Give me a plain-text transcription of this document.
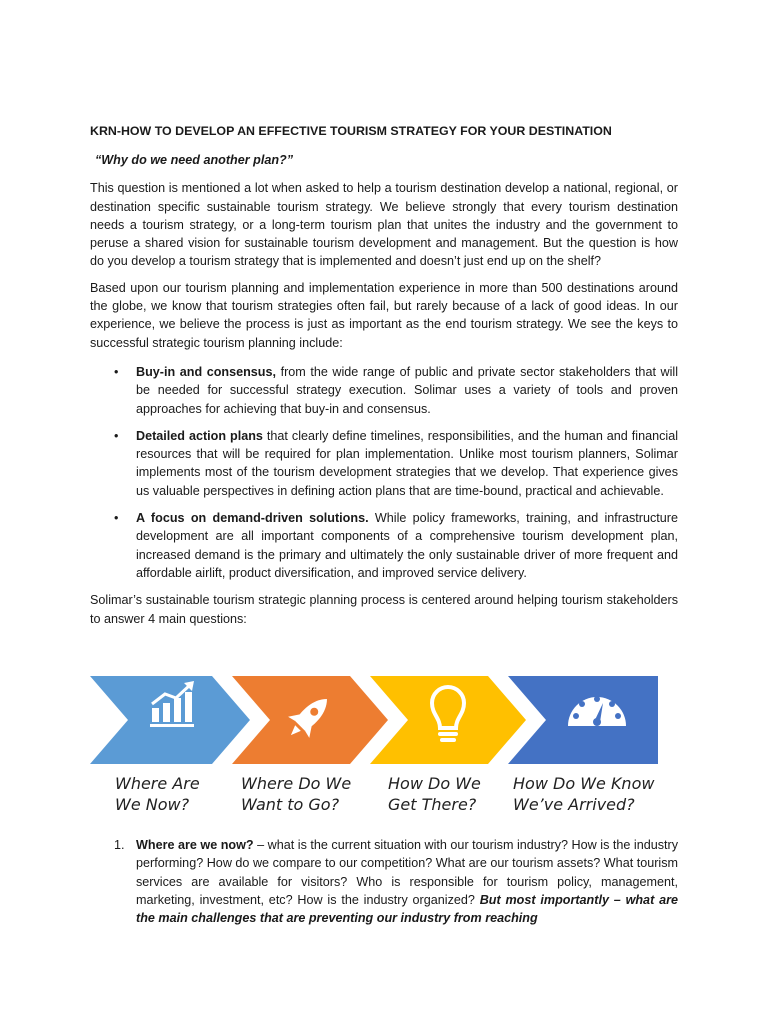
KRN-HOW TO DEVELOP AN EFFECTIVE TOURISM STRATEGY FOR YOUR DESTINATION
“Why do we need another plan?”

This question is mentioned a lot when asked to help a tourism destination develop a national, regional, or destination specific sustainable tourism strategy. We believe strongly that every tourism destination needs a tourism strategy, or a long-term tourism plan that unites the industry and the government to peruse a shared vision for sustainable tourism development and management. But the question is how do you develop a tourism strategy that is implemented and doesn’t just end up on the shelf?

Based upon our tourism planning and implementation experience in more than 500 destinations around the globe, we know that tourism strategies often fail, but rarely because of a lack of good ideas. In our experience, we believe the process is just as important as the end tourism strategy. We see the keys to successful strategic tourism planning include:

• Buy-in and consensus, from the wide range of public and private sector stakeholders that will be needed for successful strategy execution. Solimar uses a variety of tools and proven approaches for achieving that buy-in and consensus.
• Detailed action plans that clearly define timelines, responsibilities, and the human and financial resources that will be required for plan implementation. Unlike most tourism planners, Solimar implements most of the tourism development strategies that we develop. That experience gives us valuable perspectives in defining action plans that are time-bound, practical and achievable.
• A focus on demand-driven solutions. While policy frameworks, training, and infrastructure development are all important components of a comprehensive tourism development plan, increased demand is the primary and ultimately the only sustainable driver of more frequent and affordable airlift, product diversification, and improved service delivery.

Solimar’s sustainable tourism strategic planning process is centered around helping tourism stakeholders to answer 4 main questions:

Where Are
We Now?
Where Do We
Want to Go?
How Do We
Get There?
How Do We Know
We’ve Arrived?
1. Where are we now? – what is the current situation with our tourism industry? How is the industry performing? How do we compare to our competition? What are our tourism assets? What tourism services are available for visitors? Who is responsible for tourism policy, management, marketing, investment, etc? How is the industry organized? But most importantly – what are the main challenges that are preventing our industry from reaching
